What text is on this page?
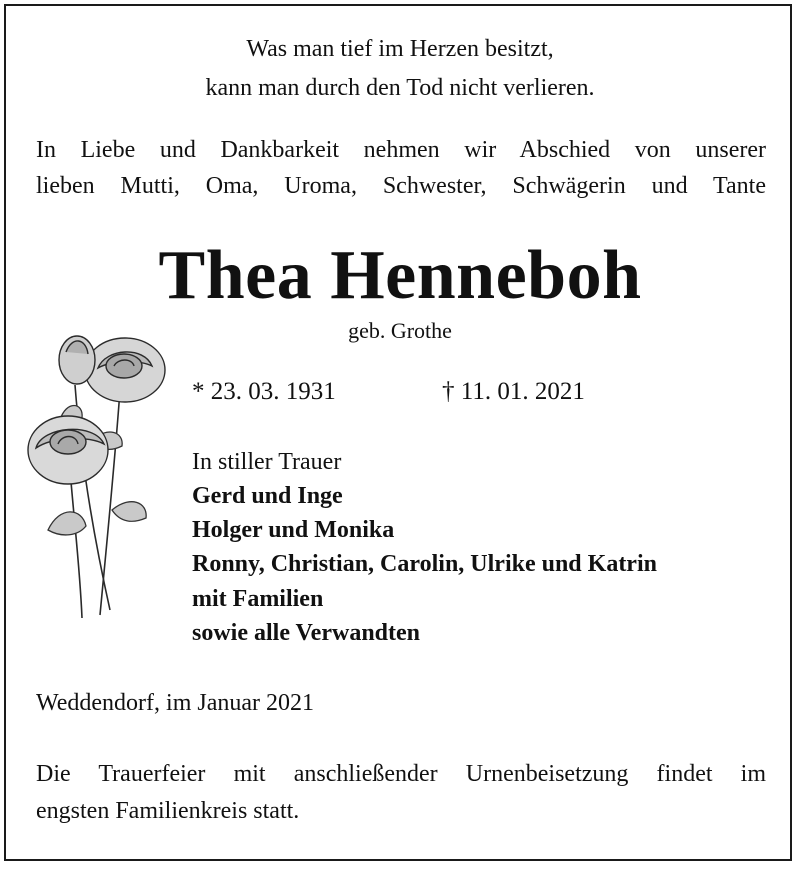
Was man tief im Herzen besitzt,
kann man durch den Tod nicht verlieren.
In Liebe und Dankbarkeit nehmen wir Abschied von unserer
lieben Mutti, Oma, Uroma, Schwester, Schwägerin und Tante
Thea Henneboh
geb. Grothe
* 23. 03. 1931	† 11. 01. 2021
In stiller Trauer
Gerd und Inge
Holger und Monika
Ronny, Christian, Carolin, Ulrike und Katrin
mit Familien
sowie alle Verwandten
Weddendorf, im Januar 2021
Die Trauerfeier mit anschließender Urnenbeisetzung findet im
engsten Familienkreis statt.
